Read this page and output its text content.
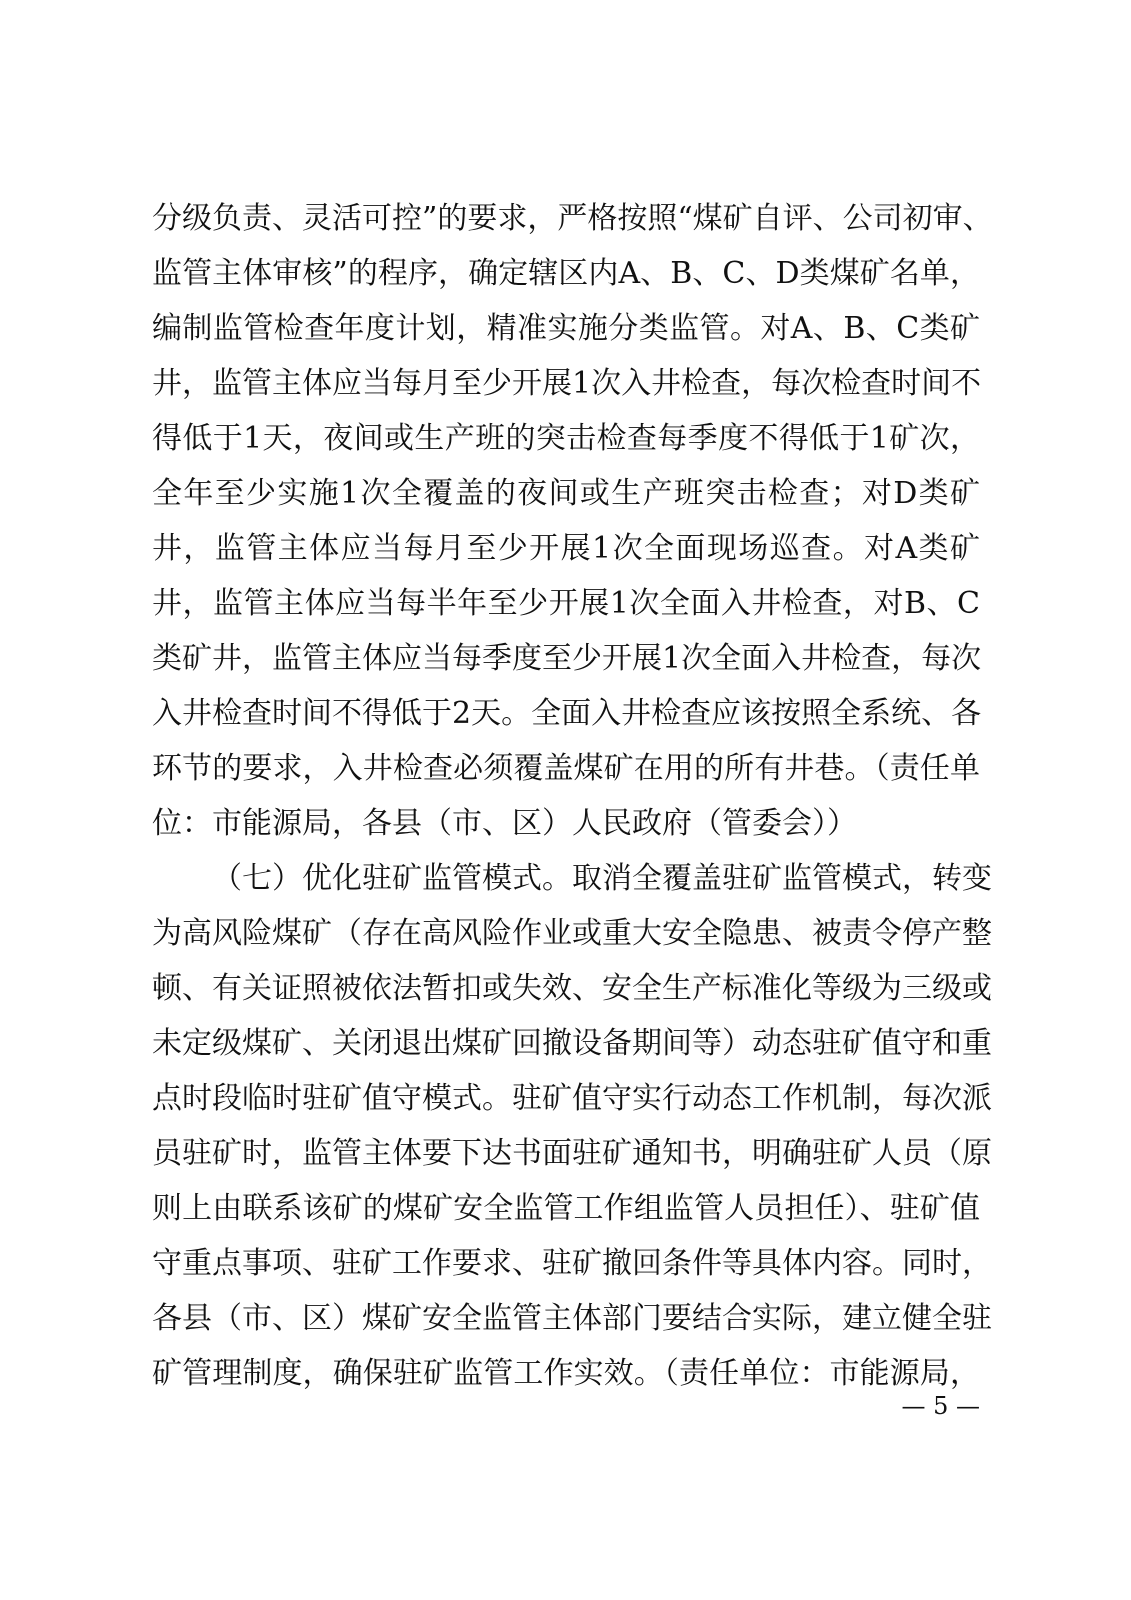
分级负责、灵活可控”的要求，严格按照“煤矿自评、公司初审、
监管主体审核”的程序，确定辖区内A、B、C、D类煤矿名单，
编制监管检查年度计划，精准实施分类监管。对A、B、C类矿
井，监管主体应当每月至少开展1次入井检查，每次检查时间不
得低于1天，夜间或生产班的突击检查每季度不得低于1矿次，
全年至少实施1次全覆盖的夜间或生产班突击检查；对D类矿
井，监管主体应当每月至少开展1次全面现场巡查。对A类矿
井，监管主体应当每半年至少开展1次全面入井检查，对B、C
类矿井，监管主体应当每季度至少开展1次全面入井检查，每次
入井检查时间不得低于2天。全面入井检查应该按照全系统、各
环节的要求，入井检查必须覆盖煤矿在用的所有井巷。（责任单
位：市能源局，各县（市、区）人民政府（管委会））
（七）优化驻矿监管模式。取消全覆盖驻矿监管模式，转变
为高风险煤矿（存在高风险作业或重大安全隐患、被责令停产整
顿、有关证照被依法暂扣或失效、安全生产标准化等级为三级或
未定级煤矿、关闭退出煤矿回撤设备期间等）动态驻矿值守和重
点时段临时驻矿值守模式。驻矿值守实行动态工作机制，每次派
员驻矿时，监管主体要下达书面驻矿通知书，明确驻矿人员（原
则上由联系该矿的煤矿安全监管工作组监管人员担任）、驻矿值
守重点事项、驻矿工作要求、驻矿撤回条件等具体内容。同时，
各县（市、区）煤矿安全监管主体部门要结合实际，建立健全驻
矿管理制度，确保驻矿监管工作实效。（责任单位：市能源局，
— 5 —
